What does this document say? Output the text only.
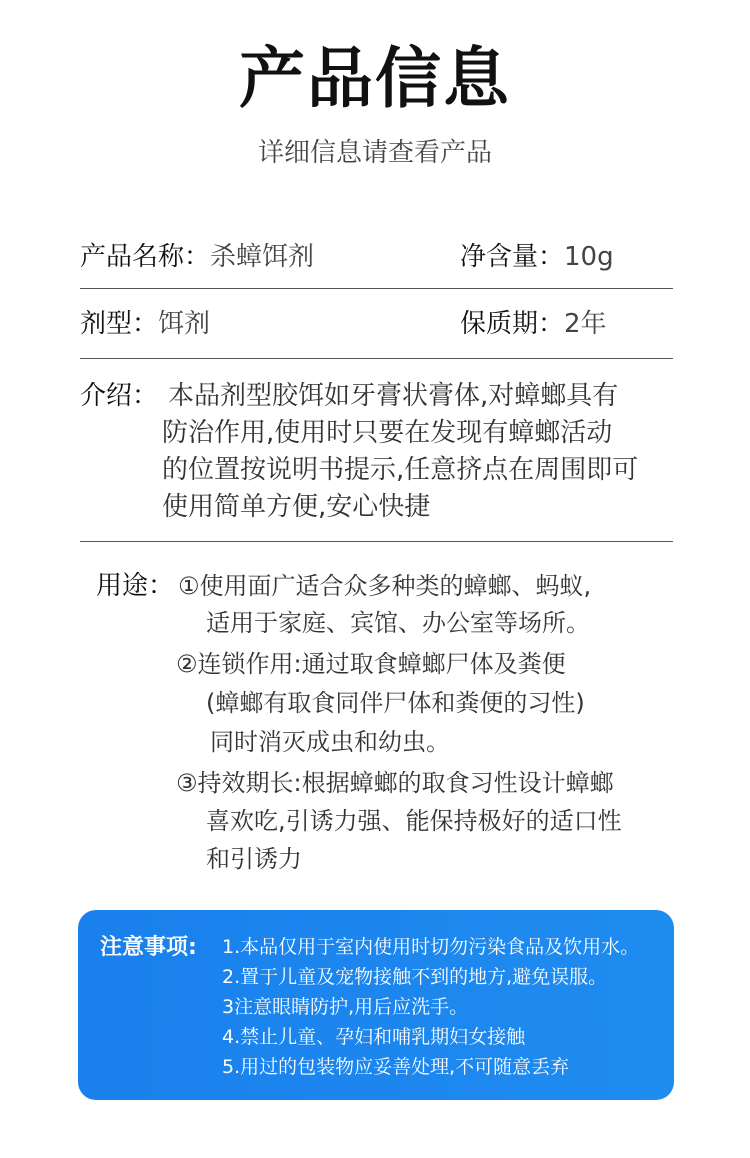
产品信息
详细信息请查看产品
产品名称：杀蟑饵剂	净含量：10g
剂型：饵剂	保质期：2年
介绍： 本品剂型胶饵如牙膏状膏体,对蟑螂具有
防治作用,使用时只要在发现有蟑螂活动
的位置按说明书提示,任意挤点在周围即可
使用简单方便,安心快捷
用途： ①使用面广适合众多种类的蟑螂、蚂蚁,
适用于家庭、宾馆、办公室等场所。
②连锁作用:通过取食蟑螂尸体及粪便
(蟑螂有取食同伴尸体和粪便的习性)
同时消灭成虫和幼虫。
③持效期长:根据蟑螂的取食习性设计蟑螂
喜欢吃,引诱力强、能保持极好的适口性
和引诱力
注意事项: 1.本品仅用于室内使用时切勿污染食品及饮用水。
2.置于儿童及宠物接触不到的地方,避免误服。
3注意眼睛防护,用后应洗手。
4.禁止儿童、孕妇和哺乳期妇女接触
5.用过的包装物应妥善处理,不可随意丢弃
